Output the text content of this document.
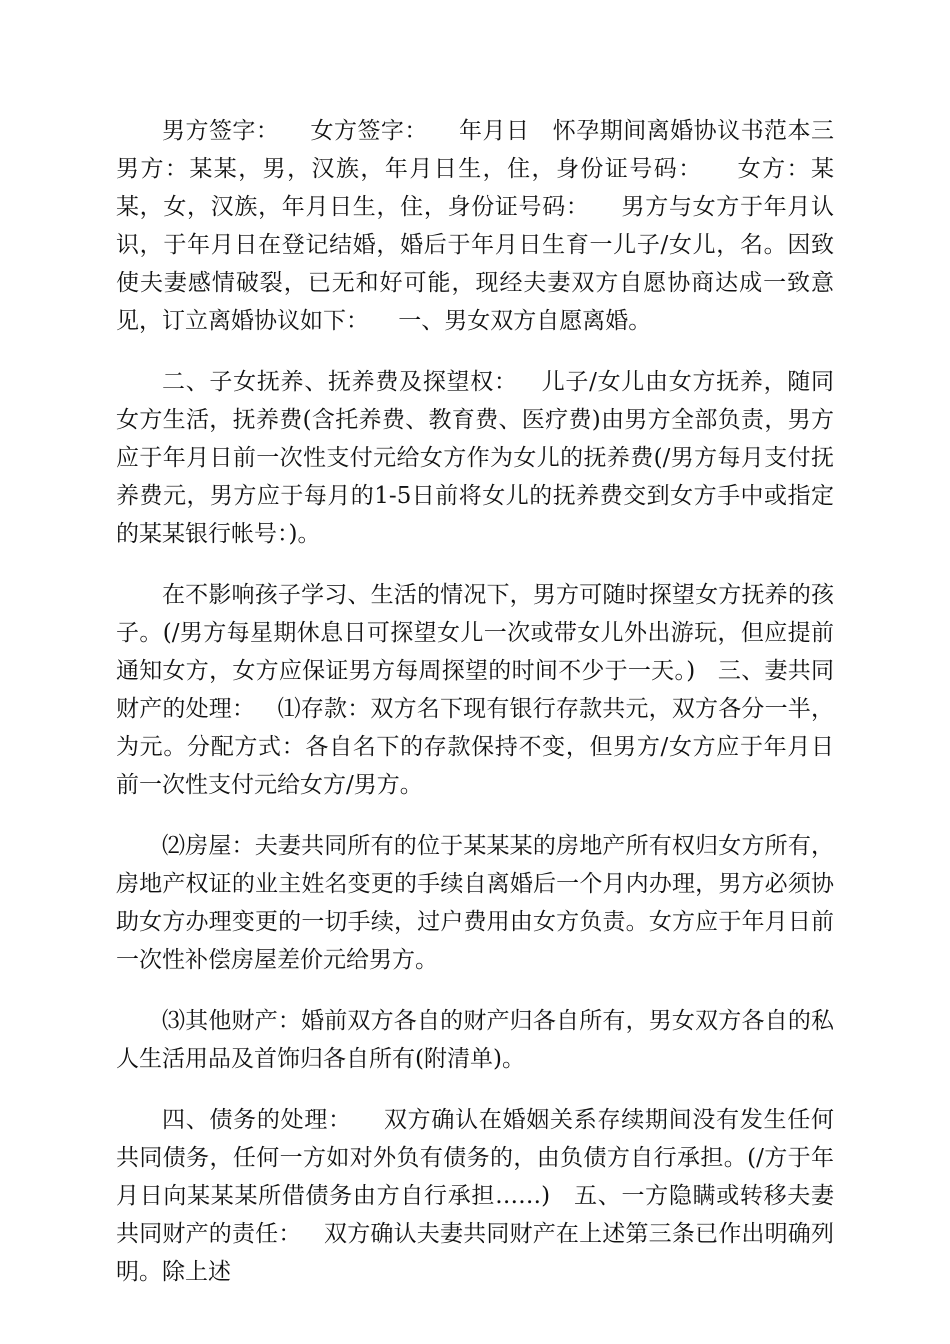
男方签字：    女方签字：    年月日   怀孕期间离婚协议书范本三   男方：某某，男，汉族，年月日生，住，身份证号码：    女方：某某，女，汉族，年月日生，住，身份证号码：    男方与女方于年月认识，于年月日在登记结婚，婚后于年月日生育一儿子/女儿，名。因致使夫妻感情破裂，已无和好可能，现经夫妻双方自愿协商达成一致意见，订立离婚协议如下：    一、男女双方自愿离婚。

二、子女抚养、抚养费及探望权：   儿子/女儿由女方抚养，随同女方生活，抚养费(含托养费、教育费、医疗费)由男方全部负责，男方应于年月日前一次性支付元给女方作为女儿的抚养费(/男方每月支付抚养费元，男方应于每月的1-5日前将女儿的抚养费交到女方手中或指定的某某银行帐号：)。

在不影响孩子学习、生活的情况下，男方可随时探望女方抚养的孩子。(/男方每星期休息日可探望女儿一次或带女儿外出游玩，但应提前通知女方，女方应保证男方每周探望的时间不少于一天。)   三、妻共同财产的处理：   ⑴存款：双方名下现有银行存款共元，双方各分一半，为元。分配方式：各自名下的存款保持不变，但男方/女方应于年月日前一次性支付元给女方/男方。

⑵房屋：夫妻共同所有的位于某某某的房地产所有权归女方所有，房地产权证的业主姓名变更的手续自离婚后一个月内办理，男方必须协助女方办理变更的一切手续，过户费用由女方负责。女方应于年月日前一次性补偿房屋差价元给男方。

⑶其他财产：婚前双方各自的财产归各自所有，男女双方各自的私人生活用品及首饰归各自所有(附清单)。

四、债务的处理：    双方确认在婚姻关系存续期间没有发生任何共同债务，任何一方如对外负有债务的，由负债方自行承担。(/方于年月日向某某某所借债务由方自行承担……)   五、一方隐瞒或转移夫妻共同财产的责任：   双方确认夫妻共同财产在上述第三条已作出明确列明。除上述
